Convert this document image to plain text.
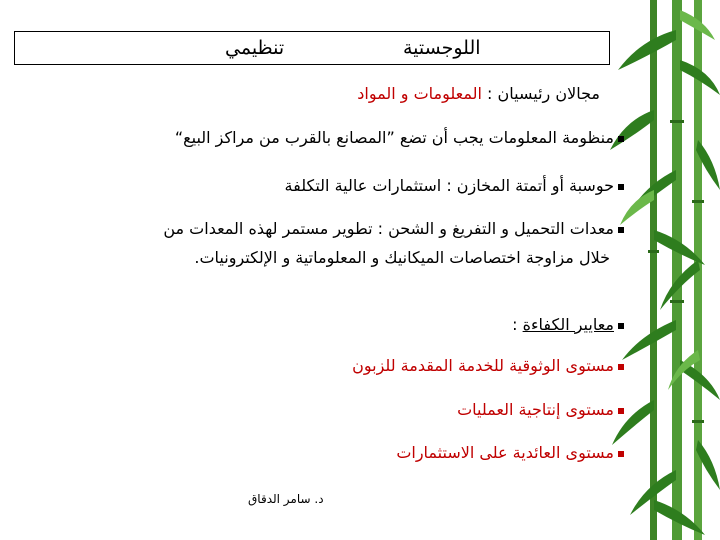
اللوجستية
تنظيمي
مجالان رئيسيان : المعلومات و المواد
منظومة المعلومات يجب أن تضع ”المصانع بالقرب من مراكز البيع“
حوسبة أو أتمتة المخازن : استثمارات عالية التكلفة
معدات التحميل و التفريغ و الشحن : تطوير مستمر لهذه المعدات من
خلال مزاوجة اختصاصات الميكانيك و المعلوماتية و الإلكترونيات.
معايير الكفاءة :
مستوى الوثوقية للخدمة المقدمة للزبون
مستوى إنتاجية العمليات
مستوى العائدية على الاستثمارات
د. سامر الدقاق
